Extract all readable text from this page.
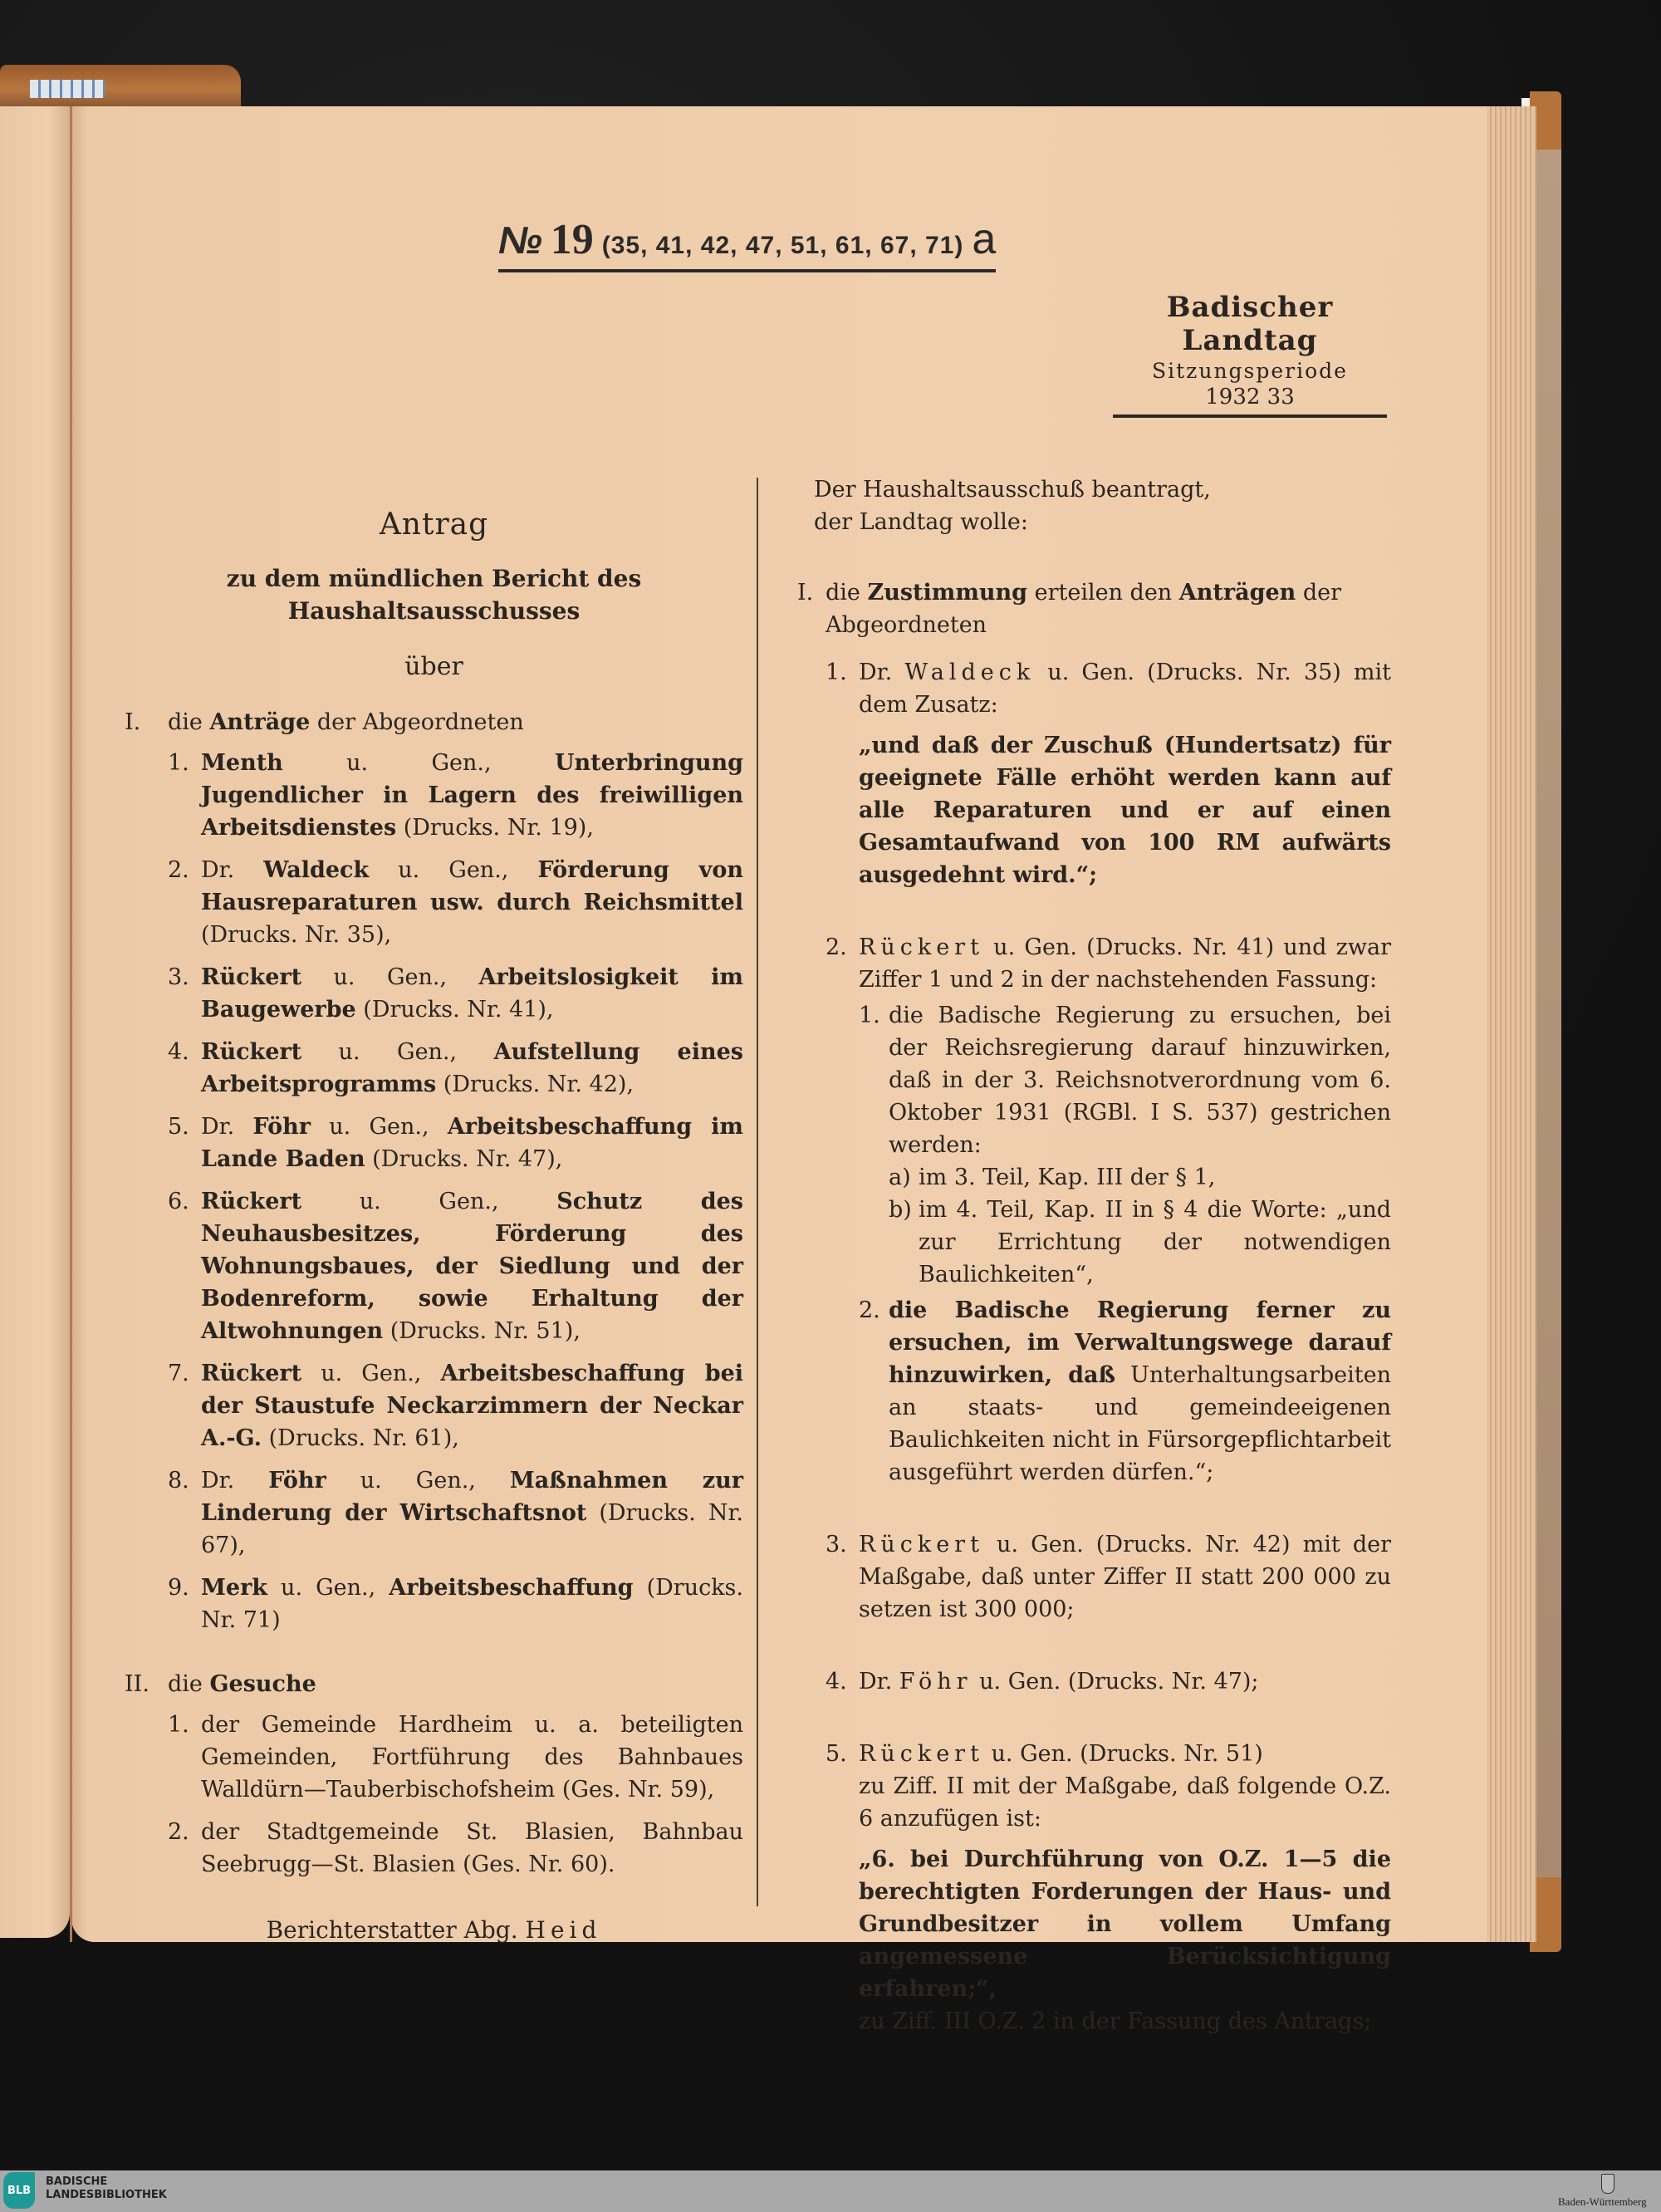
№ 19 (35, 41, 42, 47, 51, 61, 67, 71) a
Badischer Landtag
Sitzungsperiode
1932 33
Antrag
zu dem mündlichen Bericht des Haushaltsausschusses
über
I.	die Anträge der Abgeordneten
1. Menth u. Gen., Unterbringung Jugendlicher in Lagern des freiwilligen Arbeitsdienstes (Drucks. Nr. 19),
2. Dr. Waldeck u. Gen., Förderung von Hausreparaturen usw. durch Reichsmittel (Drucks. Nr. 35),
3. Rückert u. Gen., Arbeitslosigkeit im Baugewerbe (Drucks. Nr. 41),
4. Rückert u. Gen., Aufstellung eines Arbeitsprogramms (Drucks. Nr. 42),
5. Dr. Föhr u. Gen., Arbeitsbeschaffung im Lande Baden (Drucks. Nr. 47),
6. Rückert u. Gen., Schutz des Neuhausbesitzes, Förderung des Wohnungsbaues, der Siedlung und der Bodenreform, sowie Erhaltung der Altwohnungen (Drucks. Nr. 51),
7. Rückert u. Gen., Arbeitsbeschaffung bei der Staustufe Neckarzimmern der Neckar A.-G. (Drucks. Nr. 61),
8. Dr. Föhr u. Gen., Maßnahmen zur Linderung der Wirtschaftsnot (Drucks. Nr. 67),
9. Merk u. Gen., Arbeitsbeschaffung (Drucks. Nr. 71)
II. die Gesuche
1. der Gemeinde Hardheim u. a. beteiligten Gemeinden, Fortführung des Bahnbaues Walldürn—Tauberbischofsheim (Ges. Nr. 59),
2. der Stadtgemeinde St. Blasien, Bahnbau Seebrugg—St. Blasien (Ges. Nr. 60).
Berichterstatter Abg. Heid
Der Haushaltsausschuß beantragt,
der Landtag wolle:
I. die Zustimmung erteilen den Anträgen der Abgeordneten
1. Dr. Waldeck u. Gen. (Drucks. Nr. 35) mit dem Zusatz:
„und daß der Zuschuß (Hundertsatz) für geeignete Fälle erhöht werden kann auf alle Reparaturen und er auf einen Gesamtaufwand von 100 RM aufwärts ausgedehnt wird.“;
2. Rückert u. Gen. (Drucks. Nr. 41) und zwar Ziffer 1 und 2 in der nachstehenden Fassung:
1. die Badische Regierung zu ersuchen, bei der Reichsregierung darauf hinzuwirken, daß in der 3. Reichsnotverordnung vom 6. Oktober 1931 (RGBl. I S. 537) gestrichen werden:
a) im 3. Teil, Kap. III der § 1,
b) im 4. Teil, Kap. II in § 4 die Worte: „und zur Errichtung der notwendigen Baulichkeiten“,
2. die Badische Regierung ferner zu ersuchen, im Verwaltungswege darauf hinzuwirken, daß Unterhaltungsarbeiten an staats- und gemeindeeigenen Baulichkeiten nicht in Fürsorgepflichtarbeit ausgeführt werden dürfen.“;
3. Rückert u. Gen. (Drucks. Nr. 42) mit der Maßgabe, daß unter Ziffer II statt 200 000 zu setzen ist 300 000;
4. Dr. Föhr u. Gen. (Drucks. Nr. 47);
5. Rückert u. Gen. (Drucks. Nr. 51)
zu Ziff. II mit der Maßgabe, daß folgende O.Z. 6 anzufügen ist:
„6. bei Durchführung von O.Z. 1—5 die berechtigten Forderungen der Haus- und Grundbesitzer in vollem Umfang angemessene Berücksichtigung erfahren;“,
zu Ziff. III O.Z. 2 in der Fassung des Antrags;
BLB
BADISCHE
LANDESBIBLIOTHEK
Baden-Württemberg
